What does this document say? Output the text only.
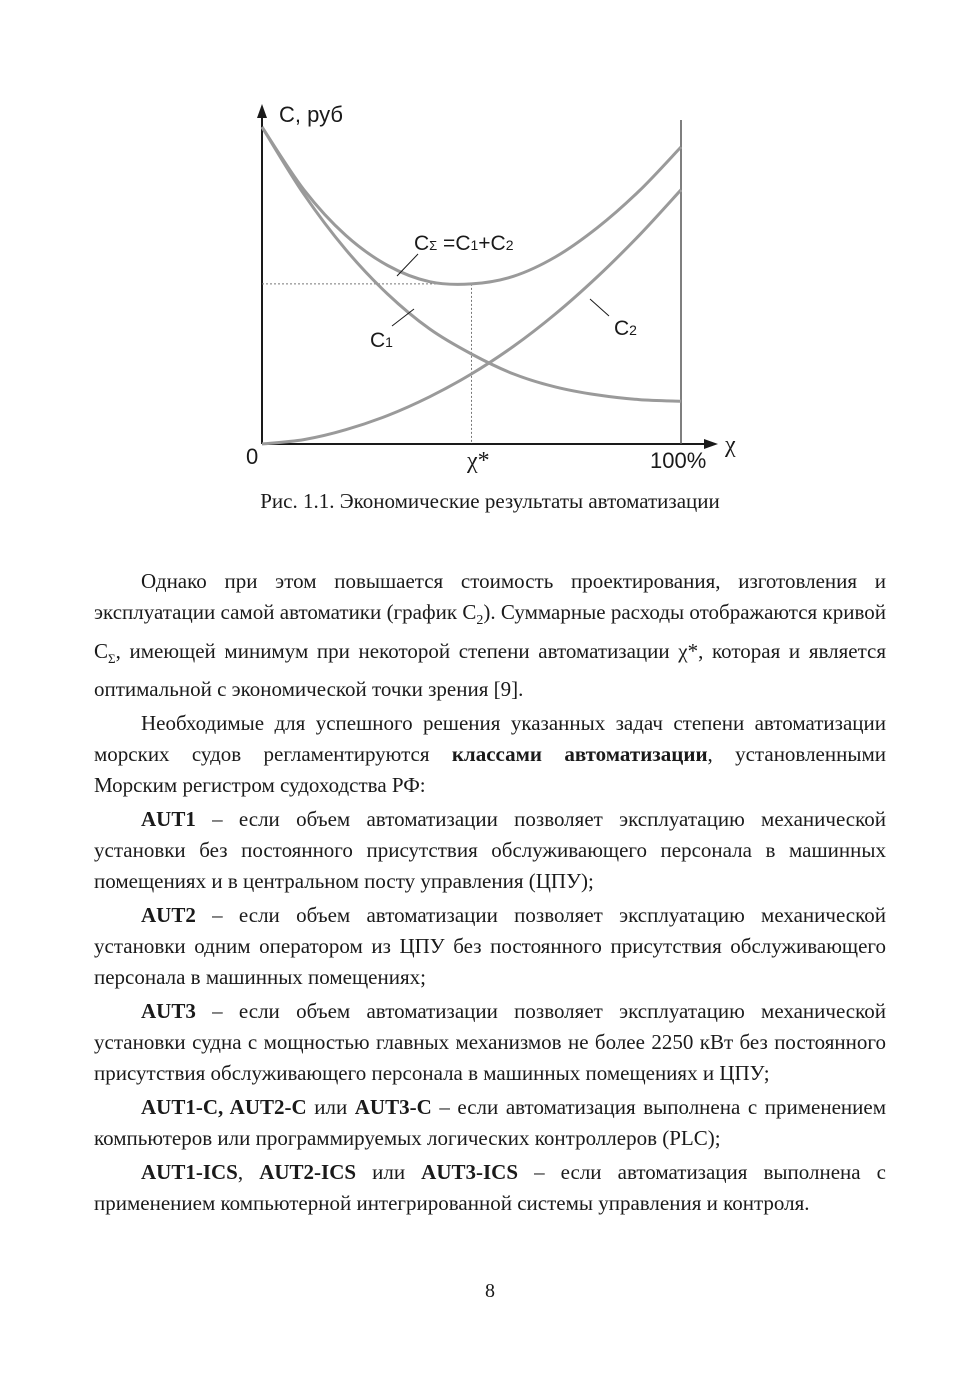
С, руб
χ
0	χ*	100%
С1
С2
СΣ =С1+С2
Рис. 1.1. Экономические результаты автоматизации

Однако при этом повышается стоимость проектирования, изготовления и эксплуатации самой автоматики (график $С_2$). Суммарные расходы отображаются кривой $С_\Sigma$, имеющей минимум при некоторой степени автоматизации χ*, которая и является оптимальной с экономической точки зрения [9].

Необходимые для успешного решения указанных задач степени автоматизации морских судов регламентируются классами автоматизации, установленными Морским регистром судоходства РФ:

AUT1 – если объем автоматизации позволяет эксплуатацию механической установки без постоянного присутствия обслуживающего персонала в машинных помещениях и в центральном посту управления (ЦПУ);

AUT2 – если объем автоматизации позволяет эксплуатацию механической установки одним оператором из ЦПУ без постоянного присутствия обслуживающего персонала в машинных помещениях;

AUT3 – если объем автоматизации позволяет эксплуатацию механической установки судна с мощностью главных механизмов не более 2250 кВт без постоянного присутствия обслуживающего персонала в машинных помещениях и ЦПУ;

AUT1-C, AUT2-C или AUT3-C – если автоматизация выполнена с применением компьютеров или программируемых логических контроллеров (PLC);

AUT1-ICS, AUT2-ICS или AUT3-ICS – если автоматизация выполнена с применением компьютерной интегрированной системы управления и контроля.

8
